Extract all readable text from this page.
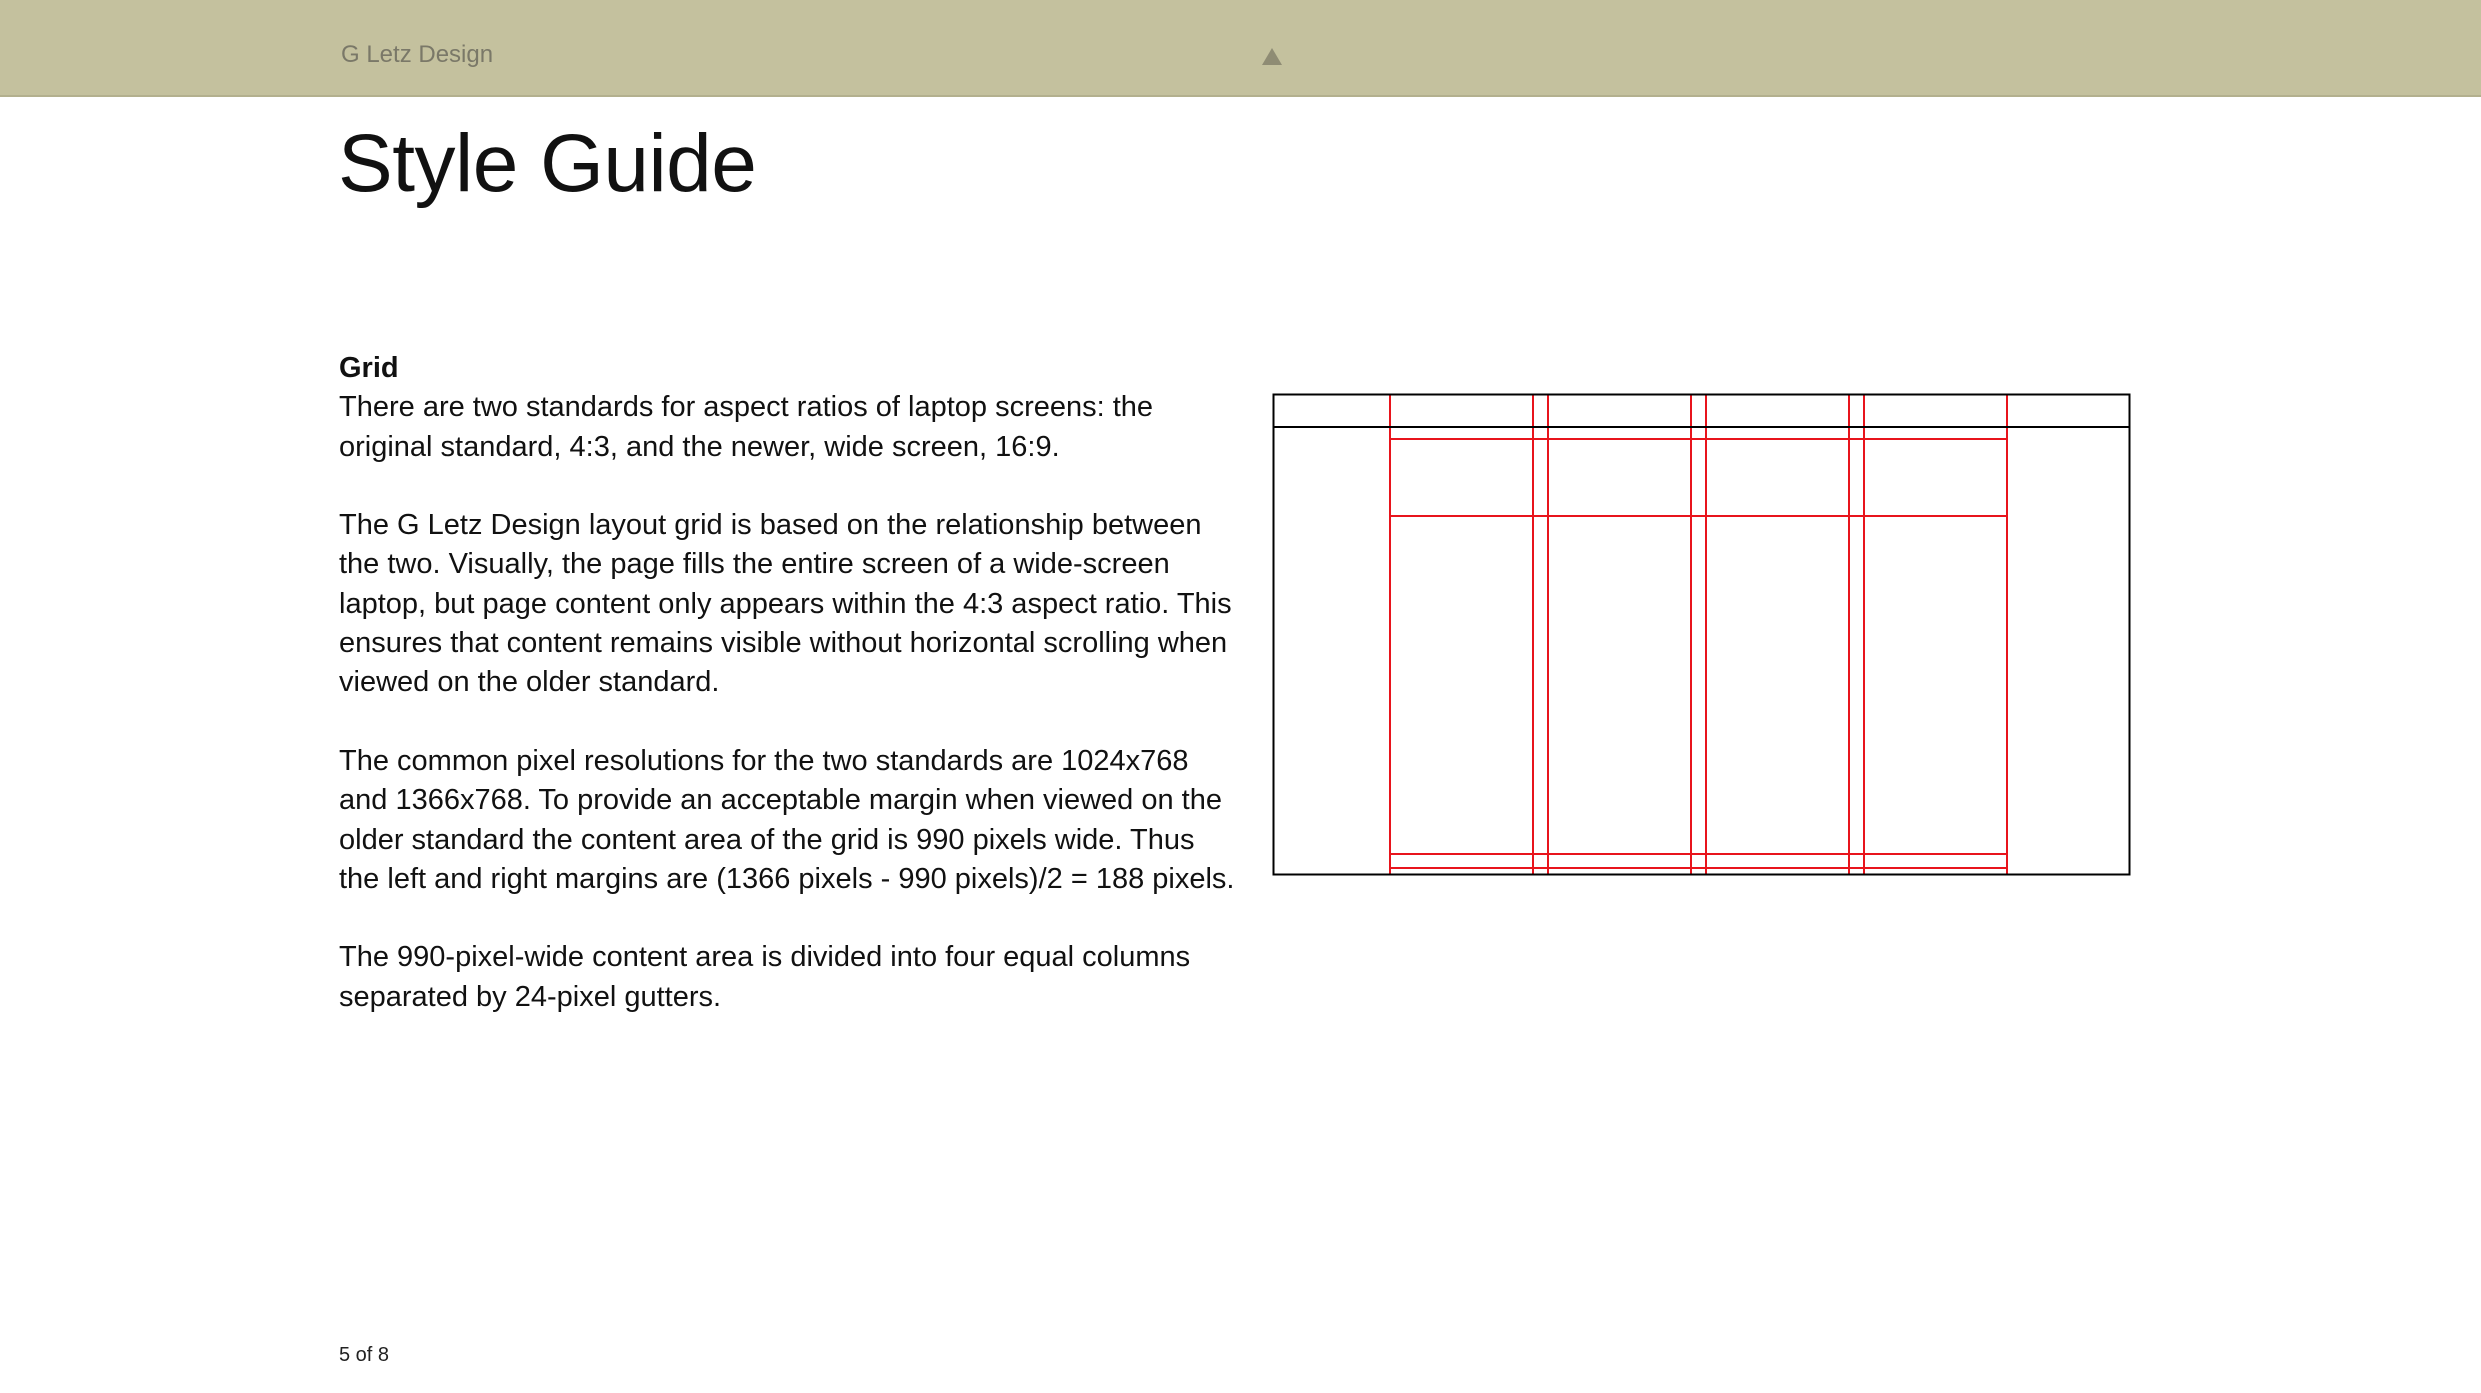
G Letz Design
Style Guide
Grid

There are two standards for aspect ratios of laptop screens: the original standard, 4:3, and the newer, wide screen, 16:9.

The G Letz Design layout grid is based on the relationship between the two. Visually, the page fills the entire screen of a wide-screen laptop, but page content only appears within the 4:3 aspect ratio. This ensures that content remains visible without horizontal scrolling when viewed on the older standard.

The common pixel resolutions for the two standards are 1024x768 and 1366x768. To provide an acceptable margin when viewed on the older standard the content area of the grid is 990 pixels wide. Thus the left and right margins are (1366 pixels - 990 pixels)/2 = 188 pixels.

The 990-pixel-wide content area is divided into four equal columns separated by 24-pixel gutters.

5 of 8
